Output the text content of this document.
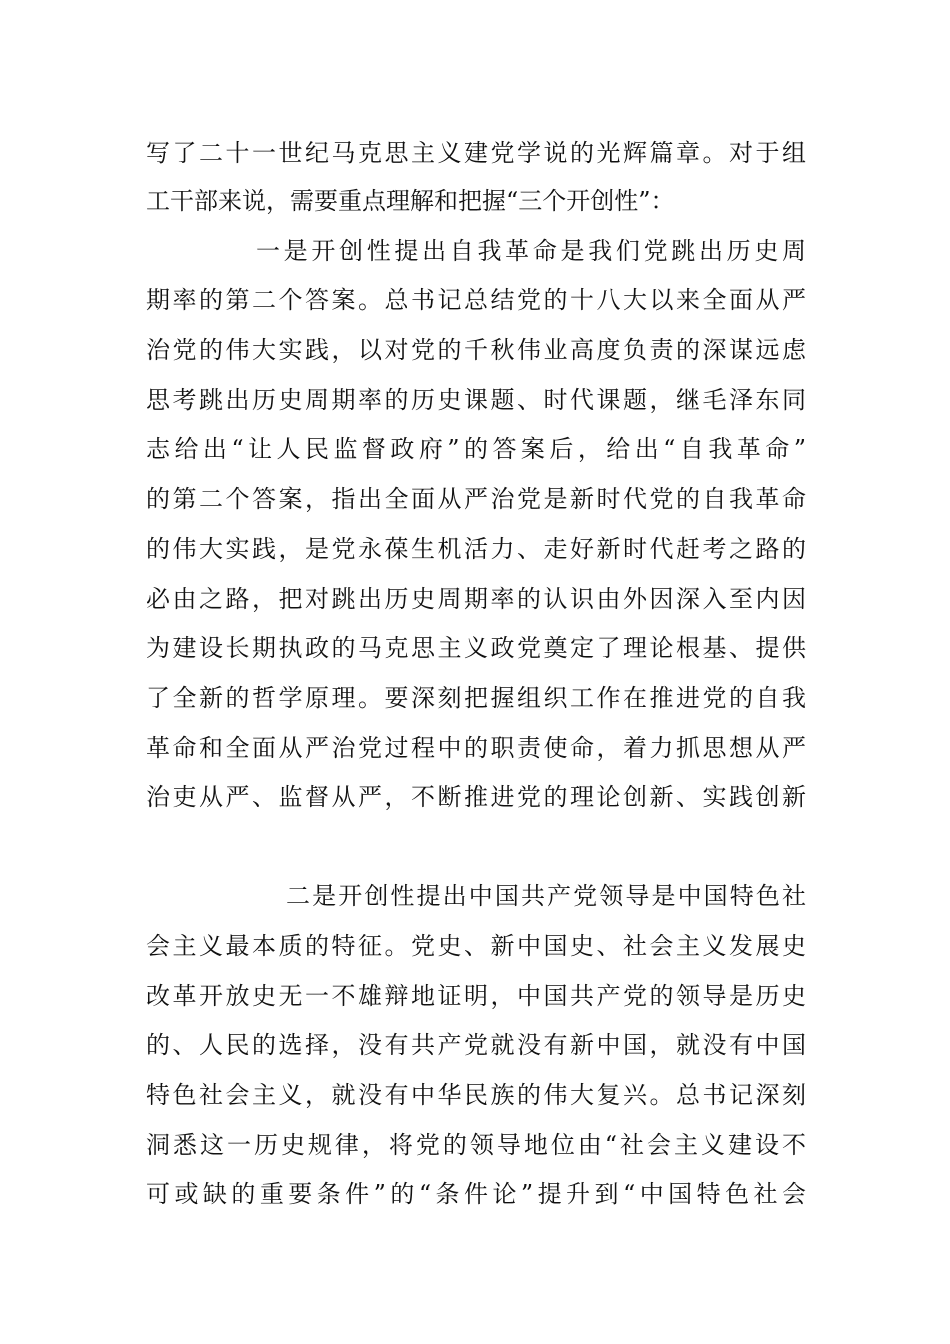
写了二十一世纪马克思主义建党学说的光辉篇章。对于组
工干部来说，需要重点理解和把握“三个开创性”：
一是开创性提出自我革命是我们党跳出历史周
期率的第二个答案。总书记总结党的十八大以来全面从严
治党的伟大实践，以对党的千秋伟业高度负责的深谋远虑
思考跳出历史周期率的历史课题、时代课题，继毛泽东同
志给出“让人民监督政府”的答案后，给出“自我革命”
的第二个答案，指出全面从严治党是新时代党的自我革命
的伟大实践，是党永葆生机活力、走好新时代赶考之路的
必由之路，把对跳出历史周期率的认识由外因深入至内因
为建设长期执政的马克思主义政党奠定了理论根基、提供
了全新的哲学原理。要深刻把握组织工作在推进党的自我
革命和全面从严治党过程中的职责使命，着力抓思想从严
治吏从严、监督从严，不断推进党的理论创新、实践创新
二是开创性提出中国共产党领导是中国特色社
会主义最本质的特征。党史、新中国史、社会主义发展史
改革开放史无一不雄辩地证明，中国共产党的领导是历史
的、人民的选择，没有共产党就没有新中国，就没有中国
特色社会主义，就没有中华民族的伟大复兴。总书记深刻
洞悉这一历史规律，将党的领导地位由“社会主义建设不
可或缺的重要条件”的“条件论”提升到“中国特色社会
